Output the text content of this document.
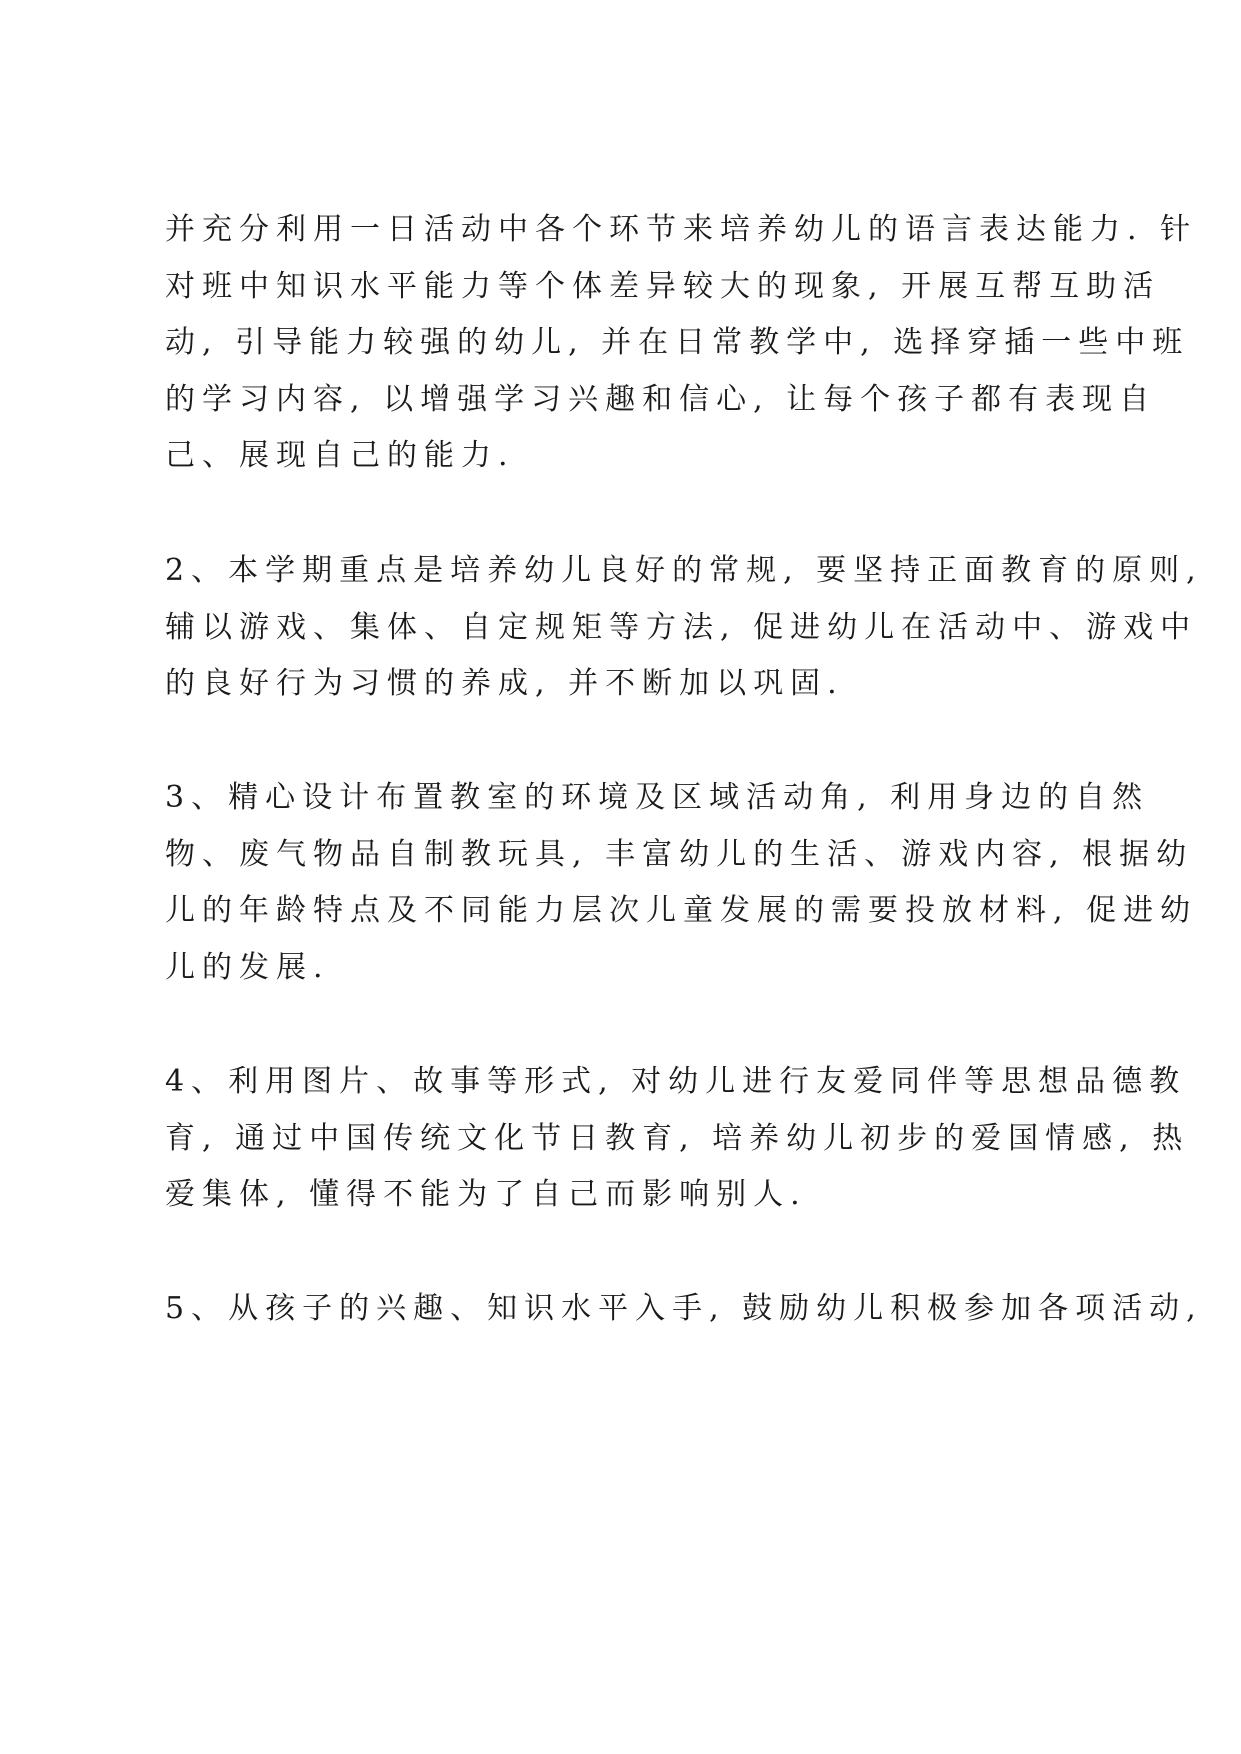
并充分利用一日活动中各个环节来培养幼儿的语言表达能力. 针
对班中知识水平能力等个体差异较大的现象, 开展互帮互助活
动, 引导能力较强的幼儿, 并在日常教学中, 选择穿插一些中班
的学习内容, 以增强学习兴趣和信心, 让每个孩子都有表现自
己、展现自己的能力.
2、本学期重点是培养幼儿良好的常规, 要坚持正面教育的原则,
辅以游戏、集体、自定规矩等方法, 促进幼儿在活动中、游戏中
的良好行为习惯的养成, 并不断加以巩固.
3、精心设计布置教室的环境及区域活动角, 利用身边的自然
物、废气物品自制教玩具, 丰富幼儿的生活、游戏内容, 根据幼
儿的年龄特点及不同能力层次儿童发展的需要投放材料, 促进幼
儿的发展.
4、利用图片、故事等形式, 对幼儿进行友爱同伴等思想品德教
育, 通过中国传统文化节日教育, 培养幼儿初步的爱国情感, 热
爱集体, 懂得不能为了自己而影响别人.
5、从孩子的兴趣、知识水平入手, 鼓励幼儿积极参加各项活动,
